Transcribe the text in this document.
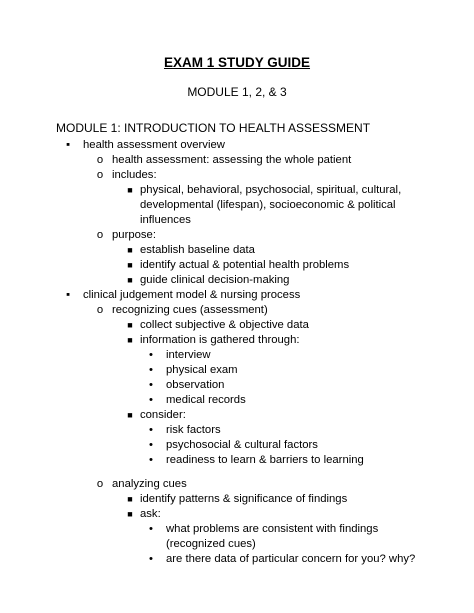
EXAM 1 STUDY GUIDE
MODULE 1, 2, & 3
MODULE 1: INTRODUCTION TO HEALTH ASSESSMENT
▪	health assessment overview
o health assessment: assessing the whole patient
o includes:
■ physical, behavioral, psychosocial, spiritual, cultural, developmental (lifespan), socioeconomic & political influences
o purpose:
■ establish baseline data
■ identify actual & potential health problems
■ guide clinical decision-making
▪	clinical judgement model & nursing process
o recognizing cues (assessment)
■ collect subjective & objective data
■ information is gathered through:
•	interview
•	physical exam
•	observation
•	medical records
■ consider:
•	risk factors
•	psychosocial & cultural factors
•	readiness to learn & barriers to learning
o analyzing cues
■ identify patterns & significance of findings
■ ask:
•	what problems are consistent with findings (recognized cues)
•	are there data of particular concern for you? why?
